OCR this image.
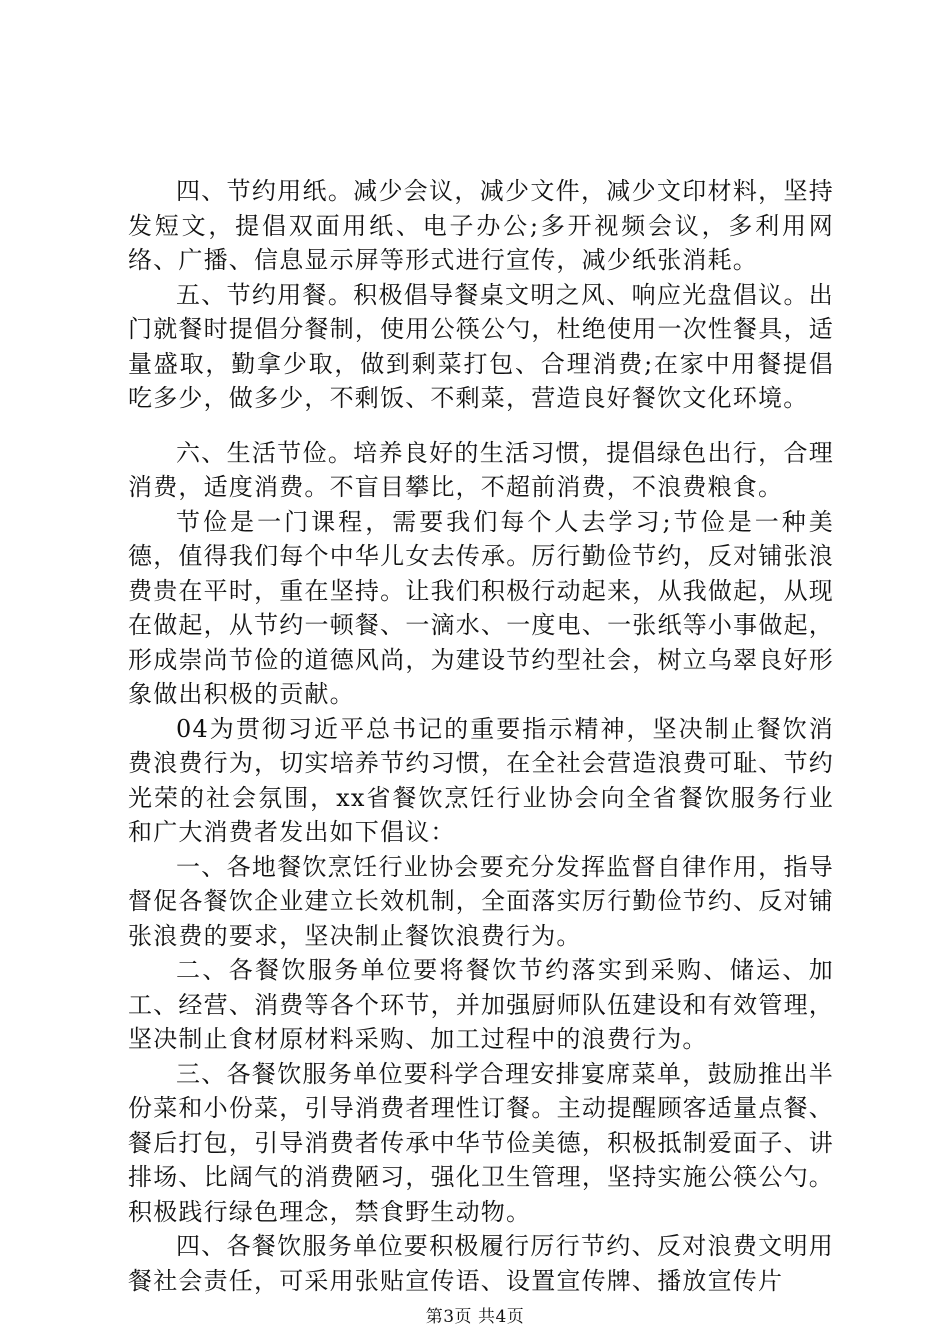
四、节约用纸。减少会议，减少文件，减少文印材料，坚持发短文，提倡双面用纸、电子办公;多开视频会议，多利用网络、广播、信息显示屏等形式进行宣传，减少纸张消耗。

五、节约用餐。积极倡导餐桌文明之风、响应光盘倡议。出门就餐时提倡分餐制，使用公筷公勺，杜绝使用一次性餐具，适量盛取，勤拿少取，做到剩菜打包、合理消费;在家中用餐提倡吃多少，做多少，不剩饭、不剩菜，营造良好餐饮文化环境。

六、生活节俭。培养良好的生活习惯，提倡绿色出行，合理消费，适度消费。不盲目攀比，不超前消费，不浪费粮食。

节俭是一门课程，需要我们每个人去学习;节俭是一种美德，值得我们每个中华儿女去传承。厉行勤俭节约，反对铺张浪费贵在平时，重在坚持。让我们积极行动起来，从我做起，从现在做起，从节约一顿餐、一滴水、一度电、一张纸等小事做起，形成崇尚节俭的道德风尚，为建设节约型社会，树立乌翠良好形象做出积极的贡献。

04为贯彻习近平总书记的重要指示精神，坚决制止餐饮消费浪费行为，切实培养节约习惯，在全社会营造浪费可耻、节约光荣的社会氛围，xx省餐饮烹饪行业协会向全省餐饮服务行业和广大消费者发出如下倡议：

一、各地餐饮烹饪行业协会要充分发挥监督自律作用，指导督促各餐饮企业建立长效机制，全面落实厉行勤俭节约、反对铺张浪费的要求，坚决制止餐饮浪费行为。

二、各餐饮服务单位要将餐饮节约落实到采购、储运、加工、经营、消费等各个环节，并加强厨师队伍建设和有效管理，坚决制止食材原材料采购、加工过程中的浪费行为。

三、各餐饮服务单位要科学合理安排宴席菜单，鼓励推出半份菜和小份菜，引导消费者理性订餐。主动提醒顾客适量点餐、餐后打包，引导消费者传承中华节俭美德，积极抵制爱面子、讲排场、比阔气的消费陋习，强化卫生管理，坚持实施公筷公勺。积极践行绿色理念，禁食野生动物。

四、各餐饮服务单位要积极履行厉行节约、反对浪费文明用餐社会责任，可采用张贴宣传语、设置宣传牌、播放宣传片

第3页 共4页
